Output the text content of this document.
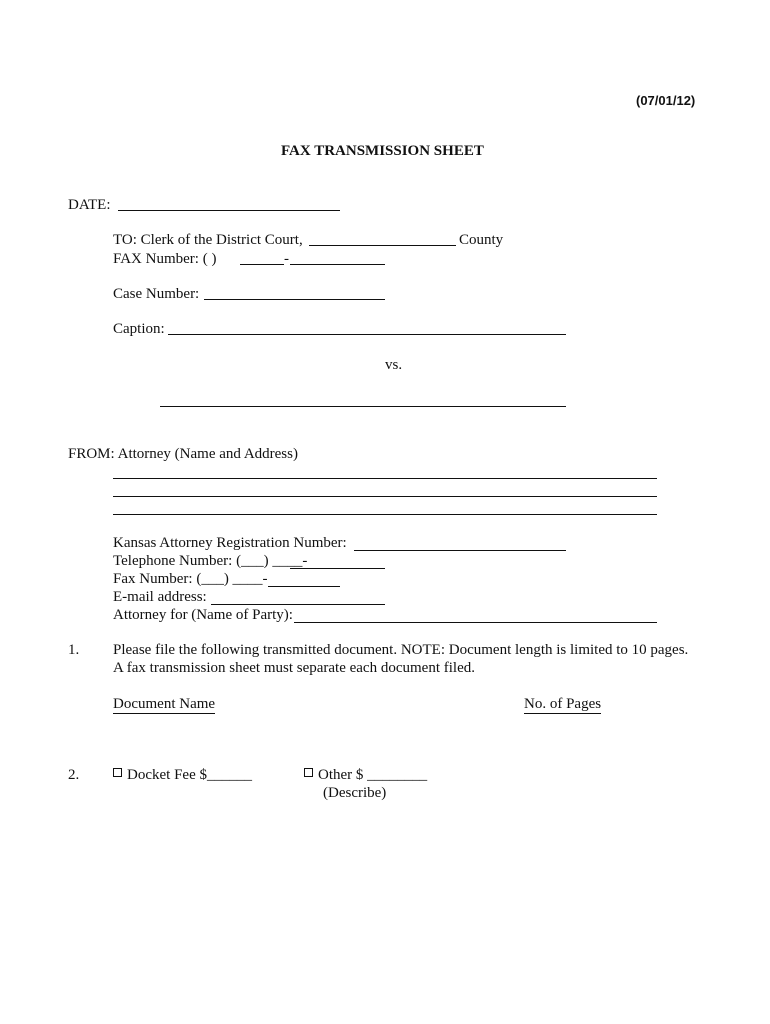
(07/01/12)
FAX TRANSMISSION SHEET
DATE:
TO: Clerk of the District Court,	County
FAX Number: ( )	-
Case Number:
Caption:
vs.
FROM: Attorney (Name and Address)
Kansas Attorney Registration Number:
Telephone Number: (___) ____-
Fax Number: (___) ____-
E-mail address:
Attorney for (Name of Party):
1. Please file the following transmitted document. NOTE: Document length is limited to 10 pages.
A fax transmission sheet must separate each document filed.
Document Name	No. of Pages
2.	Docket Fee $______	Other $ ________
(Describe)
